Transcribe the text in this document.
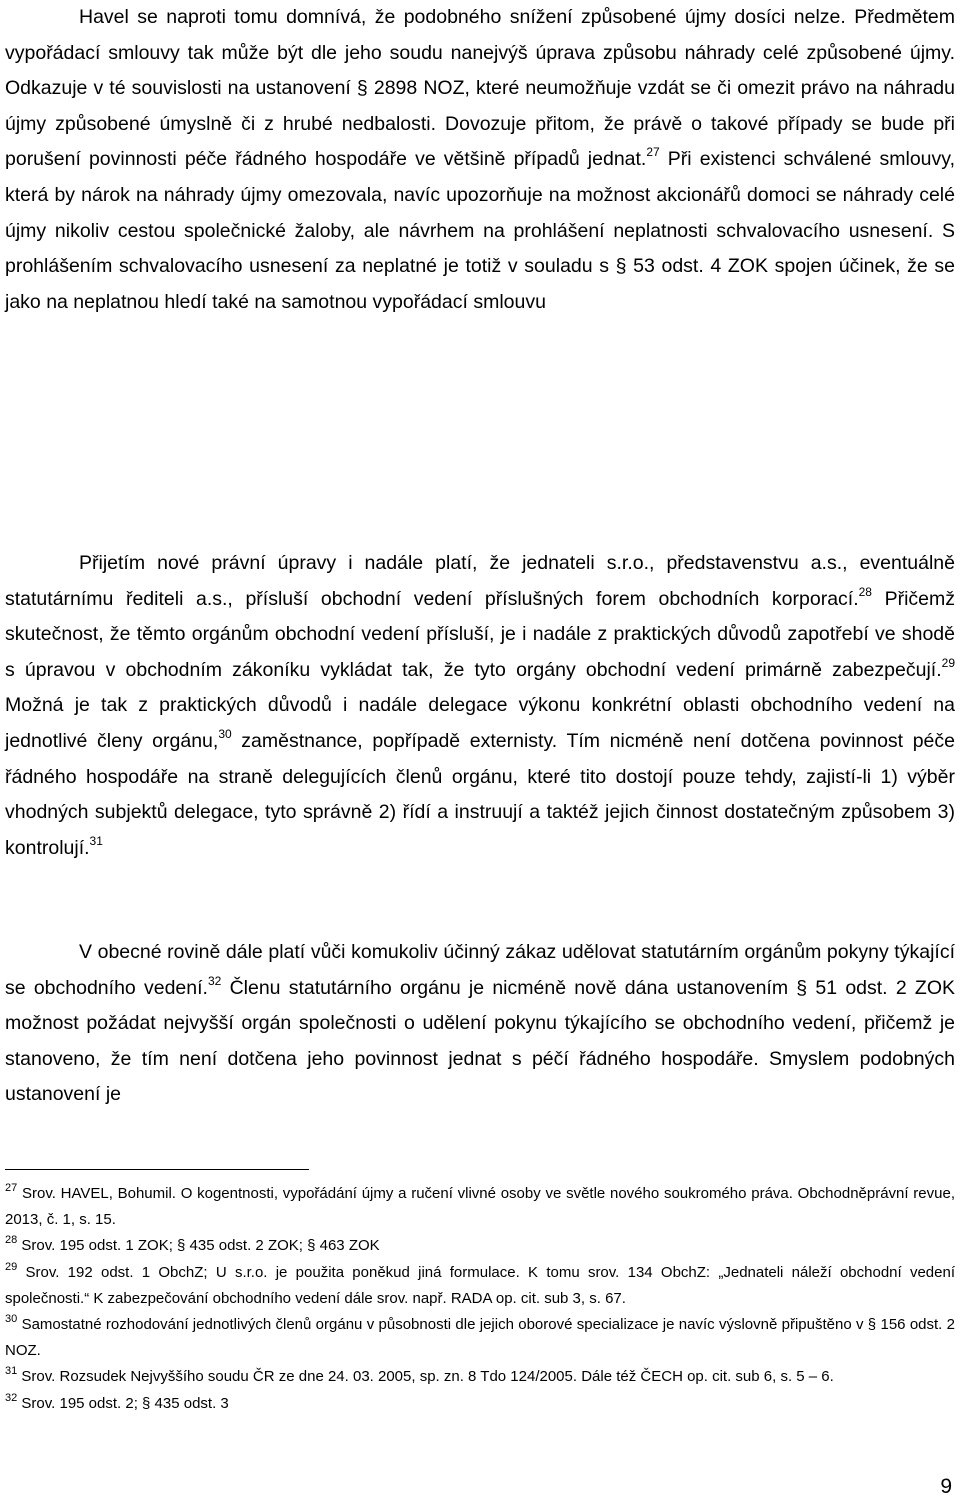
Havel se naproti tomu domnívá, že podobného snížení způsobené újmy dosíci nelze. Předmětem vypořádací smlouvy tak může být dle jeho soudu nanejvýš úprava způsobu náhrady celé způsobené újmy. Odkazuje v té souvislosti na ustanovení § 2898 NOZ, které neumožňuje vzdát se či omezit právo na náhradu újmy způsobené úmyslně či z hrubé nedbalosti. Dovozuje přitom, že právě o takové případy se bude při porušení povinnosti péče řádného hospodáře ve většině případů jednat.$^{27}$ Při existenci schválené smlouvy, která by nárok na náhrady újmy omezovala, navíc upozorňuje na možnost akcionářů domoci se náhrady celé újmy nikoliv cestou společnické žaloby, ale návrhem na prohlášení neplatnosti schvalovacího usnesení. S prohlášením schvalovacího usnesení za neplatné je totiž v souladu s § 53 odst. 4 ZOK spojen účinek, že se jako na neplatnou hledí také na samotnou vypořádací smlouvu

Přijetím nové právní úpravy i nadále platí, že jednateli s.r.o., představenstvu a.s., eventuálně statutárnímu řediteli a.s., přísluší obchodní vedení příslušných forem obchodních korporací.$^{28}$ Přičemž skutečnost, že těmto orgánům obchodní vedení přísluší, je i nadále z praktických důvodů zapotřebí ve shodě s úpravou v obchodním zákoníku vykládat tak, že tyto orgány obchodní vedení primárně zabezpečují.$^{29}$ Možná je tak z praktických důvodů i nadále delegace výkonu konkrétní oblasti obchodního vedení na jednotlivé členy orgánu,$^{30}$ zaměstnance, popřípadě externisty. Tím nicméně není dotčena povinnost péče řádného hospodáře na straně delegujících členů orgánu, které tito dostojí pouze tehdy, zajistí-li 1) výběr vhodných subjektů delegace, tyto správně 2) řídí a instruují a taktéž jejich činnost dostatečným způsobem 3) kontrolují.$^{31}$

V obecné rovině dále platí vůči komukoliv účinný zákaz udělovat statutárním orgánům pokyny týkající se obchodního vedení.$^{32}$ Členu statutárního orgánu je nicméně nově dána ustanovením § 51 odst. 2 ZOK možnost požádat nejvyšší orgán společnosti o udělení pokynu týkajícího se obchodního vedení, přičemž je stanoveno, že tím není dotčena jeho povinnost jednat s péčí řádného hospodáře. Smyslem podobných ustanovení je

$^{27}$ Srov. HAVEL, Bohumil. O kogentnosti, vypořádání újmy a ručení vlivné osoby ve světle nového soukromého práva. Obchodněprávní revue, 2013, č. 1, s. 15.

$^{28}$ Srov. 195 odst. 1 ZOK; § 435 odst. 2 ZOK; § 463 ZOK

$^{29}$ Srov. 192 odst. 1 ObchZ; U s.r.o. je použita poněkud jiná formulace. K tomu srov. 134 ObchZ: „Jednateli náleží obchodní vedení společnosti.“ K zabezpečování obchodního vedení dále srov. např. RADA op. cit. sub 3, s. 67.

$^{30}$ Samostatné rozhodování jednotlivých členů orgánu v působnosti dle jejich oborové specializace je navíc výslovně připuštěno v § 156 odst. 2 NOZ.

$^{31}$ Srov. Rozsudek Nejvyššího soudu ČR ze dne 24. 03. 2005, sp. zn. 8 Tdo 124/2005. Dále též ČECH op. cit. sub 6, s. 5 – 6.

$^{32}$ Srov. 195 odst. 2; § 435 odst. 3

9
